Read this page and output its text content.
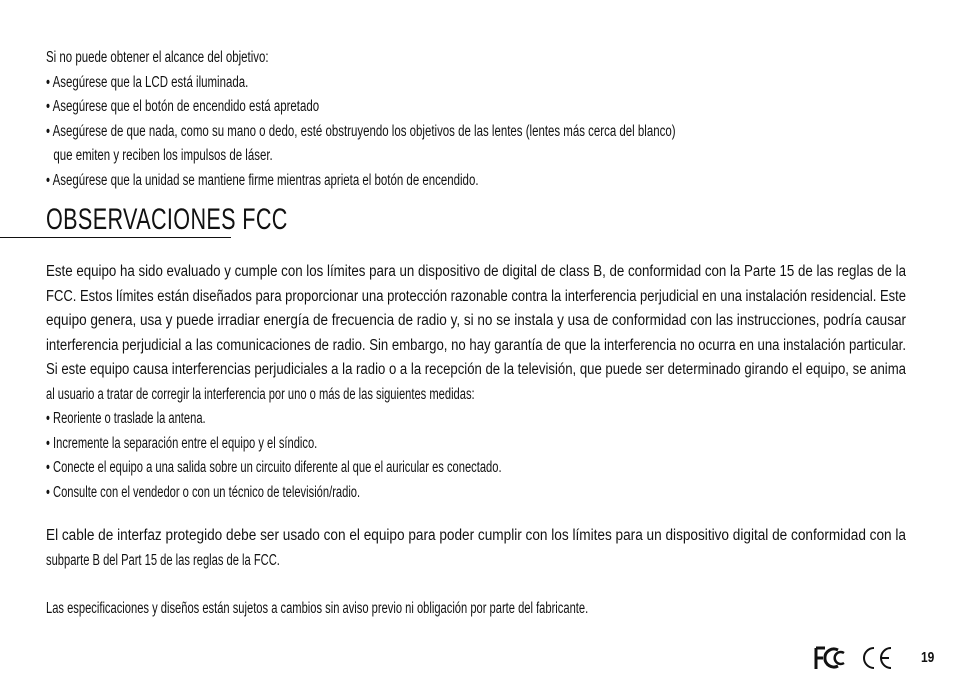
Si no puede obtener el alcance del objetivo:
• Asegúrese que la LCD está iluminada.
• Asegúrese que el botón de encendido está apretado
• Asegúrese de que nada, como su mano o dedo, esté obstruyendo los objetivos de las lentes (lentes más cerca del blanco)
que emiten y reciben los impulsos de láser.
• Asegúrese que la unidad se mantiene firme mientras aprieta el botón de encendido.
OBSERVACIONES FCC
Este equipo ha sido evaluado y cumple con los límites para un dispositivo de digital de class B, de conformidad con la Parte 15 de las reglas de la
FCC. Estos límites están diseñados para proporcionar una protección razonable contra la interferencia perjudicial en una instalación residencial. Este
equipo genera, usa y puede irradiar energía de frecuencia de radio y, si no se instala y usa de conformidad con las instrucciones, podría causar
interferencia perjudicial a las comunicaciones de radio. Sin embargo, no hay garantía de que la interferencia no ocurra en una instalación particular.
Si este equipo causa interferencias perjudiciales a la radio o a la recepción de la televisión, que puede ser determinado girando el equipo, se anima
al usuario a tratar de corregir la interferencia por uno o más de las siguientes medidas:
• Reoriente o traslade la antena.
• Incremente la separación entre el equipo y el síndico.
• Conecte el equipo a una salida sobre un circuito diferente al que el auricular es conectado.
• Consulte con el vendedor o con un técnico de televisión/radio.
El cable de interfaz protegido debe ser usado con el equipo para poder cumplir con los límites para un dispositivo digital de conformidad con la
subparte B del Part 15 de las reglas de la FCC.
Las especificaciones y diseños están sujetos a cambios sin aviso previo ni obligación por parte del fabricante.
19
